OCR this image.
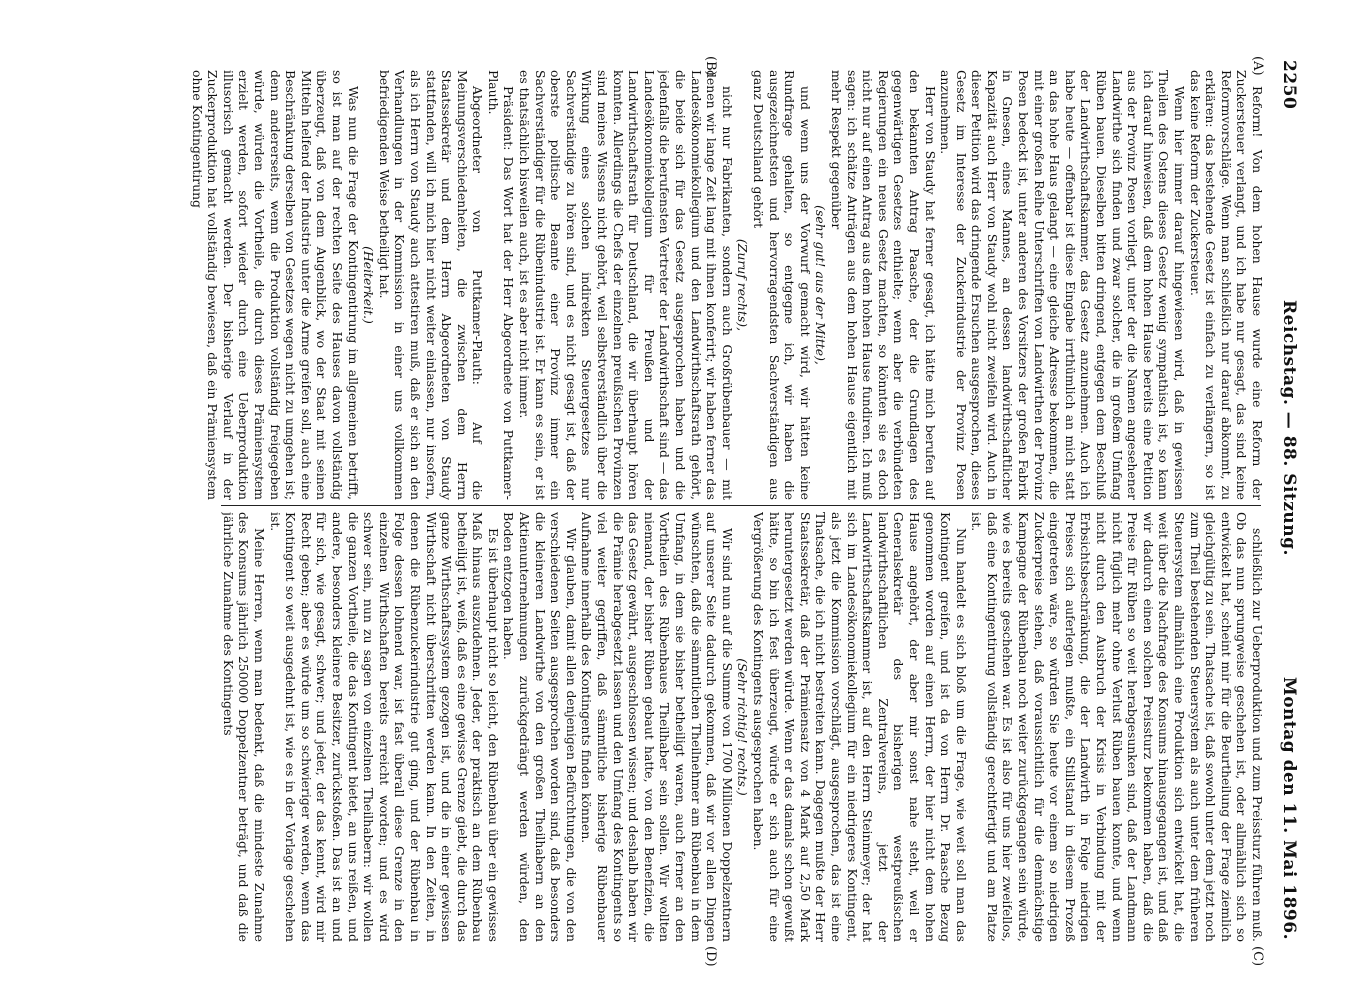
2250
Reichstag. — 88. Sitzung.
Montag den 11. Mai 1896.
(A)
(B)
(C)
(D)

Reform! Von dem hohen Hause wurde eine Reform der Zuckersteuer verlangt, und ich habe nur gesagt, das sind keine Reformvorschläge. Wenn man schließlich nur darauf abkommt, zu erklären: das bestehende Gesetz ist einfach zu verlängern, so ist das keine Reform der Zuckersteuer.

Wenn hier immer darauf hingewiesen wird, daß in gewissen Theilen des Ostens dieses Gesetz wenig sympathisch ist, so kann ich darauf hinweisen, daß dem hohen Hause bereits eine Petition aus der Provinz Posen vorliegt, unter der die Namen angesehener Landwirthe sich finden und zwar solcher, die in großem Umfang Rüben bauen. Dieselben bitten dringend, entgegen dem Beschluß der Landwirthschaftskammer, das Gesetz anzunehmen. Auch ich habe heute — offenbar ist diese Eingabe irrthümlich an mich statt an das hohe Haus gelangt — eine gleiche Adresse bekommen, die mit einer großen Reihe Unterschriften von Landwirthen der Provinz Posen bedeckt ist, unter anderen des Vorsitzers der großen Fabrik in Gnesen, eines Mannes, an dessen landwirthschaftlicher Kapazität auch Herr von Staudy wohl nicht zweifeln wird. Auch in dieser Petition wird das dringende Ersuchen ausgesprochen, dieses Gesetz im Interesse der Zuckerindustrie der Provinz Posen anzunehmen.

Herr von Staudy hat ferner gesagt, ich hätte mich berufen auf den bekannten Antrag Paasche, der die Grundlagen des gegenwärtigen Gesetzes enthielte; wenn aber die verbündeten Regierungen ein neues Gesetz machten, so könnten sie es doch nicht nur auf einen Antrag aus dem hohen Hause fundiren. Ich muß sagen: ich schätze Anträgen aus dem hohen Hause eigentlich mit mehr Respekt gegenüber

(sehr gut! aus der Mitte),

und wenn uns der Vorwurf gemacht wird, wir hätten keine Rundfrage gehalten, so entgegne ich, wir haben die ausgezeichnetsten und hervorragendsten Sachverständigen aus ganz Deutschland gehört

(Zuruf rechts),

nicht nur Fabrikanten, sondern auch Großrübenbauer — mit denen wir lange Zeit lang mit ihnen konferirt; wir haben ferner das Landesökonomiekollegium und den Landwirthschaftsrath gehört, die beide sich für das Gesetz ausgesprochen haben und die jedenfalls die berufensten Vertreter der Landwirthschaft sind — das Landesökonomiekollegium für Preußen und der Landwirthschaftsrath für Deutschland, die wir überhaupt hören konnten. Allerdings die Chefs der einzelnen preußischen Provinzen sind meines Wissens nicht gehört, weil selbstverständlich über die Wirkung eines solchen indirekten Steuergesetzes nur Sachverständige zu hören sind, und es nicht gesagt ist, daß der oberste politische Beamte einer Provinz immer ein Sachverständiger für die Rübenindustrie ist. Er kann es sein, er ist es thatsächlich bisweilen auch, ist es aber nicht immer.

Präsident: Das Wort hat der Herr Abgeordnete von Puttkamer-Plauth.

Abgeordneter von Puttkamer-Plauth: Auf die Meinungsverschiedenheiten, die zwischen dem Herrn Staatssekretär und dem Herrn Abgeordneten von Staudy stattfanden, will ich mich hier nicht weiter einlassen, nur insofern, als ich Herrn von Staudy auch attestiren muß, daß er sich an den Verhandlungen in der Kommission in einer uns vollkommen befriedigenden Weise betheiligt hat.

(Heiterkeit.)

Was nun die Frage der Kontingentirung im allgemeinen betrifft, so ist man auf der rechten Seite des Hauses davon vollständig überzeugt, daß von dem Augenblick, wo der Staat mit seinen Mitteln helfend der Industrie unter die Arme greifen soll, auch eine Beschränkung derselben von Gesetzes wegen nicht zu umgehen ist; denn andererseits, wenn die Produktion vollständig freigegeben würde, würden die Vortheile, die durch dieses Prämiensystem erzielt werden, sofort wieder durch eine Ueberproduktion illusorisch gemacht werden. Der bisherige Verlauf in der Zuckerproduktion hat vollständig bewiesen, daß ein Prämiensystem ohne Kontingentirung

schließlich zur Ueberproduktion und zum Preissturz führen muß. Ob das nun sprungweise geschehen ist, oder allmählich sich so entwickelt hat, scheint mir für die Beurtheilung der Frage ziemlich gleichgültig zu sein. Thatsache ist, daß sowohl unter dem jetzt noch zum Theil bestehenden Steuersystem als auch unter dem früheren Steuersystem allmählich eine Produktion sich entwickelt hat, die weit über die Nachfrage des Konsums hinausgegangen ist, und daß wir dadurch einen solchen Preissturz bekommen haben, daß die Preise für Rüben so weit herabgesunken sind, daß der Landmann nicht füglich mehr ohne Verlust Rüben bauen konnte, und wenn nicht durch den Ausbruch der Krisis in Verbindung mit der Erbsichtsbeschränkung, die der Landwirth in Folge niedrigen Preises sich auferlegen mußte, ein Stillstand in diesem Prozeß eingetreten wäre, so würden Sie heute vor einem so niedrigen Zuckerpreise stehen, daß voraussichtlich für die demnächstige Kampagne der Rübenbau noch weiter zurückgegangen sein würde, wie es bereits geschehen war. Es ist also für uns hier zweifellos, daß eine Kontingentirung vollständig gerechtfertigt und am Platze ist.

Nun handelt es sich bloß um die Frage, wie weit soll man das Kontingent greifen, und ist da von Herrn Dr. Paasche Bezug genommen worden auf einen Herrn, der hier nicht dem hohen Hause angehört, der aber mir sonst nahe steht, weil er Generalsekretär des bisherigen westpreußischen landwirthschaftlichen Zentralvereins, jetzt der Landwirthschaftskammer ist, auf den Herrn Steinmeyer; der hat sich im Landesökonomiekollegium für ein niedrigeres Kontingent, als jetzt die Kommission vorschlägt, ausgesprochen, das ist eine Thatsache, die ich nicht bestreiten kann. Dagegen mußte der Herr Staatssekretär, daß der Prämiensatz von 4 Mark auf 2,50 Mark heruntergesetzt werden würde. Wenn er das damals schon gewußt hätte, so bin ich fest überzeugt, würde er sich auch für eine Vergrößerung des Kontingents ausgesprochen haben.

(Sehr richtig! rechts.)

Wir sind nun auf die Summe von 1700 Millionen Doppelzentnern auf unserer Seite dadurch gekommen, daß wir vor allen Dingen wünschten, daß die sämmtlichen Theilnehmer am Rübenbau in dem Umfang, in dem sie bisher betheiligt waren, auch ferner an den Vortheilen des Rübenbaues Theilhaber sein sollen. Wir wollten niemand, der bisher Rüben gebaut hatte, von den Benefizien, die das Gesetz gewährt, ausgeschlossen wissen; und deshalb haben wir die Prämie herabgesetzt lassen und den Umfang des Kontingents so viel weiter gegriffen, daß sämmtliche bisherige Rübenbauer Aufnahme innerhalb des Kontingents finden können.

Wir glauben, damit allen denjenigen Befürchtungen, die von den verschiedenen Seiten ausgesprochen worden sind, daß besonders die kleineren Landwirthe von den großen Theilhabern an den Aktienunternehmungen zurückgedrängt werden würden, den Boden entzogen haben.

Es ist überhaupt nicht so leicht, den Rübenbau über ein gewisses Maß hinaus auszudehnen. Jeder, der praktisch an dem Rübenbau betheiligt ist, weiß, daß es eine gewisse Grenze giebt, die durch das ganze Wirthschaftssystem gezogen ist, und die in einer gewissen Wirthschaft nicht überschritten werden kann. In den Zeiten, in denen die Rübenzuckerindustrie gut ging, und der Rübenbau in Folge dessen lohnend war, ist fast überall diese Grenze in den einzelnen Wirthschaften bereits erreicht worden; und es wird schwer sein, nun zu sagen von einzelnen Theilhabern: wir wollen die ganzen Vortheile, die das Kontingent bietet, an uns reißen, und andere, besonders kleinere Besitzer, zurückstoßen. Das ist an und für sich, wie gesagt, schwer; und jeder, der das kennt, wird mir Recht geben; aber es würde um so schwieriger werden, wenn das Kontingent so weit ausgedehnt ist, wie es in der Vorlage geschehen ist.

Meine Herren, wenn man bedenkt, daß die mindeste Zunahme des Konsums jährlich 250000 Doppelzentner beträgt, und daß die jährliche Zunahme des Kontingents
